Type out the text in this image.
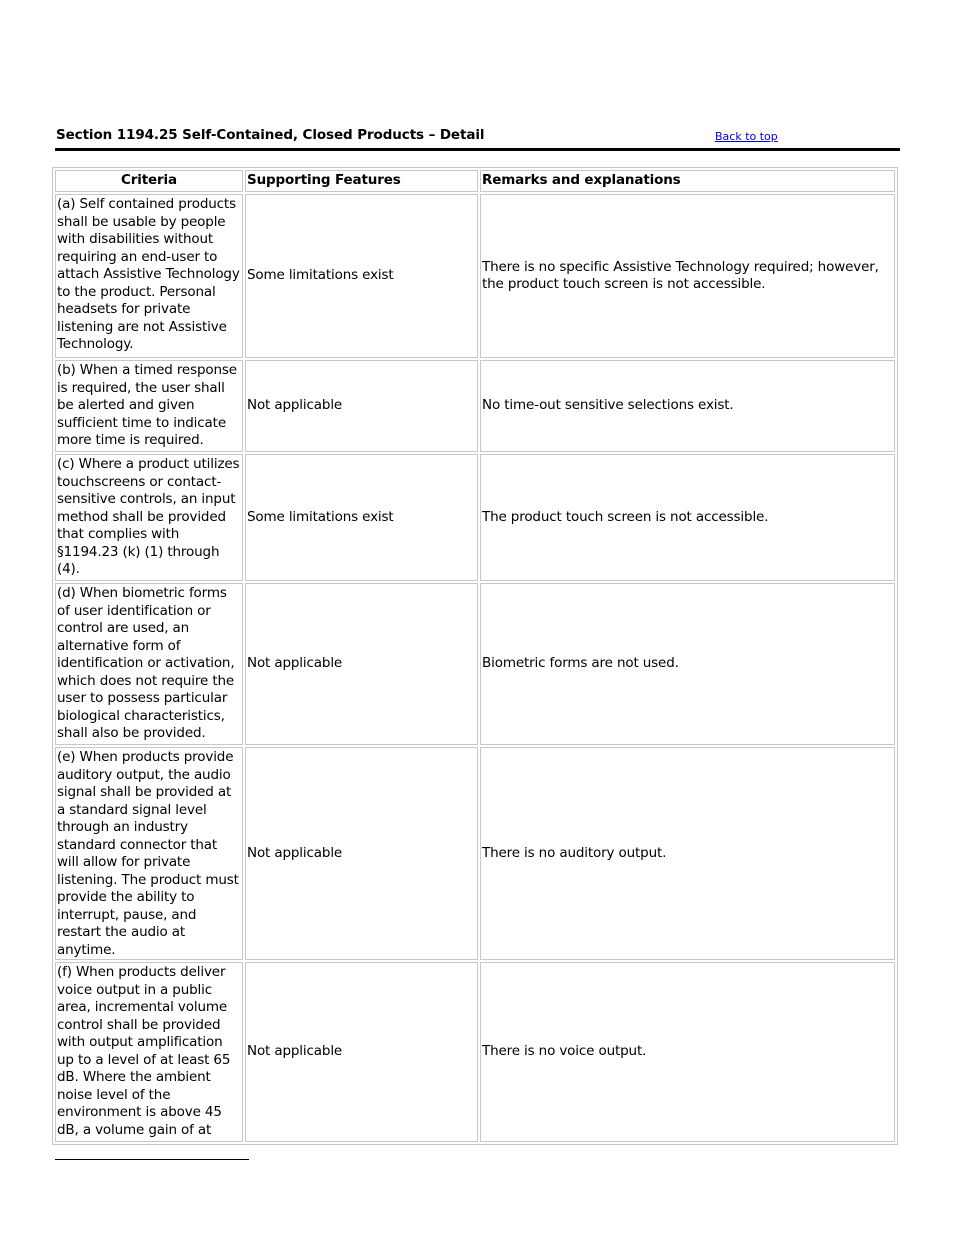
Section 1194.25 Self-Contained, Closed Products – Detail	Back to top
Criteria	Supporting Features	Remarks and explanations
(a) Self contained products shall be usable by people with disabilities without requiring an end-user to attach Assistive Technology to the product. Personal headsets for private listening are not Assistive Technology.	Some limitations exist	There is no specific Assistive Technology required; however, the product touch screen is not accessible.
(b) When a timed response is required, the user shall be alerted and given sufficient time to indicate more time is required.	Not applicable	No time-out sensitive selections exist.
(c) Where a product utilizes touchscreens or contact-sensitive controls, an input method shall be provided that complies with §1194.23 (k) (1) through (4).	Some limitations exist	The product touch screen is not accessible.
(d) When biometric forms of user identification or control are used, an alternative form of identification or activation, which does not require the user to possess particular biological characteristics, shall also be provided.	Not applicable	Biometric forms are not used.
(e) When products provide auditory output, the audio signal shall be provided at a standard signal level through an industry standard connector that will allow for private listening. The product must provide the ability to interrupt, pause, and restart the audio at anytime.	Not applicable	There is no auditory output.
(f) When products deliver voice output in a public area, incremental volume control shall be provided with output amplification up to a level of at least 65 dB. Where the ambient noise level of the environment is above 45 dB, a volume gain of at	Not applicable	There is no voice output.
